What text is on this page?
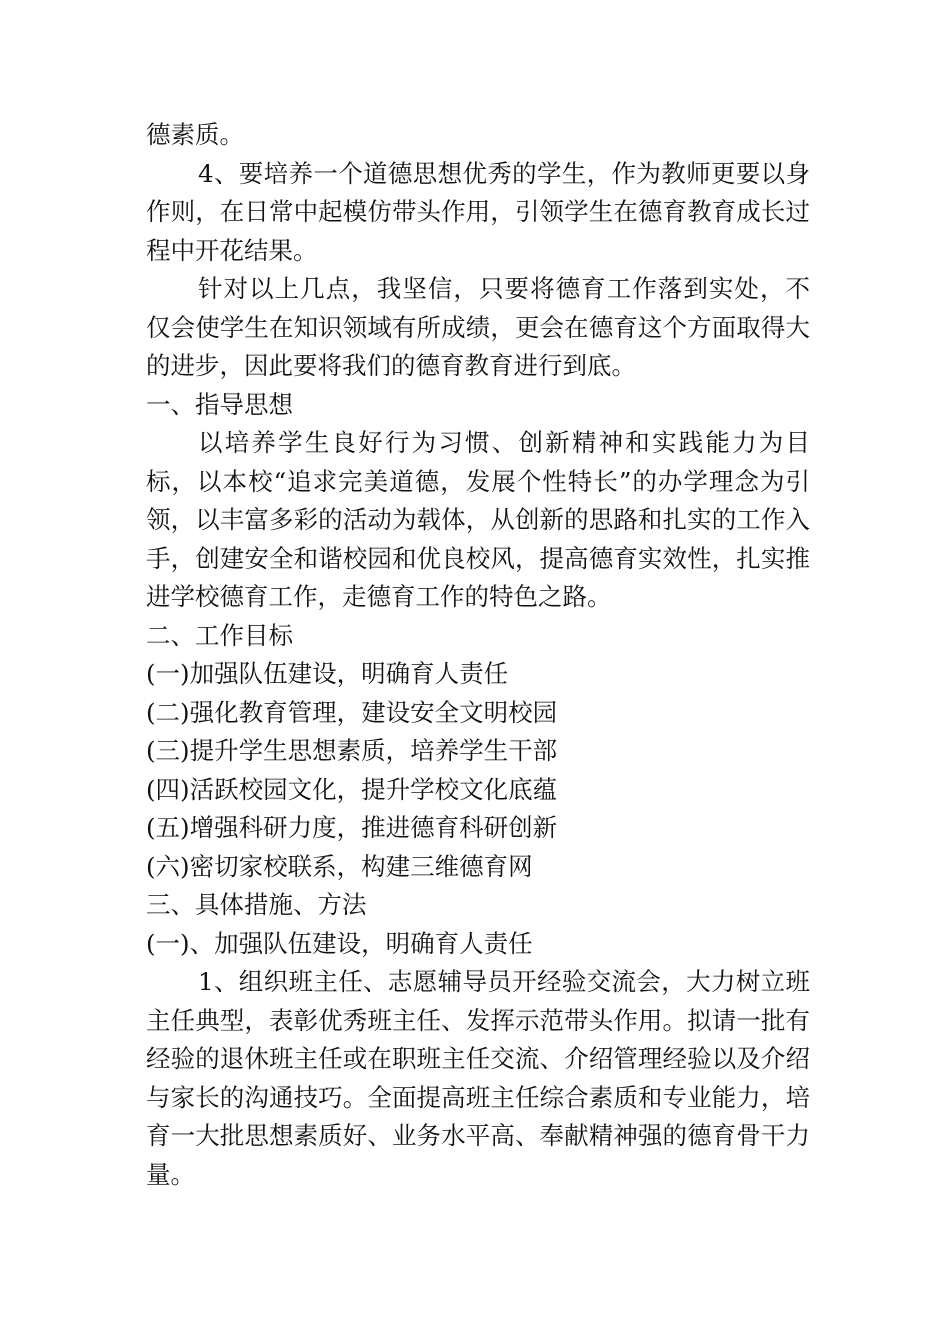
德素质。

4、要培养一个道德思想优秀的学生，作为教师更要以身作则，在日常中起模仿带头作用，引领学生在德育教育成长过程中开花结果。

针对以上几点，我坚信，只要将德育工作落到实处，不仅会使学生在知识领域有所成绩，更会在德育这个方面取得大的进步，因此要将我们的德育教育进行到底。

一、指导思想

以培养学生良好行为习惯、创新精神和实践能力为目标，以本校“追求完美道德，发展个性特长”的办学理念为引领，以丰富多彩的活动为载体，从创新的思路和扎实的工作入手，创建安全和谐校园和优良校风，提高德育实效性，扎实推进学校德育工作，走德育工作的特色之路。

二、工作目标

(一)加强队伍建设，明确育人责任

(二)强化教育管理，建设安全文明校园

(三)提升学生思想素质，培养学生干部

(四)活跃校园文化，提升学校文化底蕴

(五)增强科研力度，推进德育科研创新

(六)密切家校联系，构建三维德育网

三、具体措施、方法

(一)、加强队伍建设，明确育人责任

1、组织班主任、志愿辅导员开经验交流会，大力树立班主任典型，表彰优秀班主任、发挥示范带头作用。拟请一批有经验的退休班主任或在职班主任交流、介绍管理经验以及介绍与家长的沟通技巧。全面提高班主任综合素质和专业能力，培育一大批思想素质好、业务水平高、奉献精神强的德育骨干力量。
